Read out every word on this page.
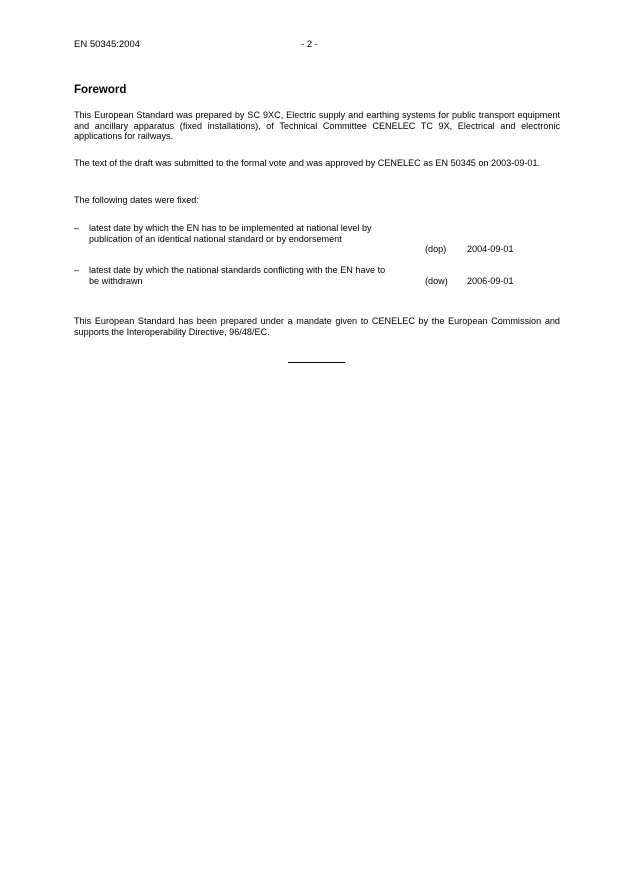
EN 50345:2004	- 2 -
Foreword
This European Standard was prepared by SC 9XC, Electric supply and earthing systems for public transport equipment and ancillary apparatus (fixed installations), of Technical Committee CENELEC TC 9X, Electrical and electronic applications for railways.
The text of the draft was submitted to the formal vote and was approved by CENELEC as EN 50345 on 2003-09-01.
The following dates were fixed:
– latest date by which the EN has to be implemented at national level by publication of an identical national standard or by endorsement
(dop)	2004-09-01
– latest date by which the national standards conflicting with the EN have to be withdrawn	(dow)	2006-09-01
This European Standard has been prepared under a mandate given to CENELEC by the European Commission and supports the Interoperability Directive, 96/48/EC.
